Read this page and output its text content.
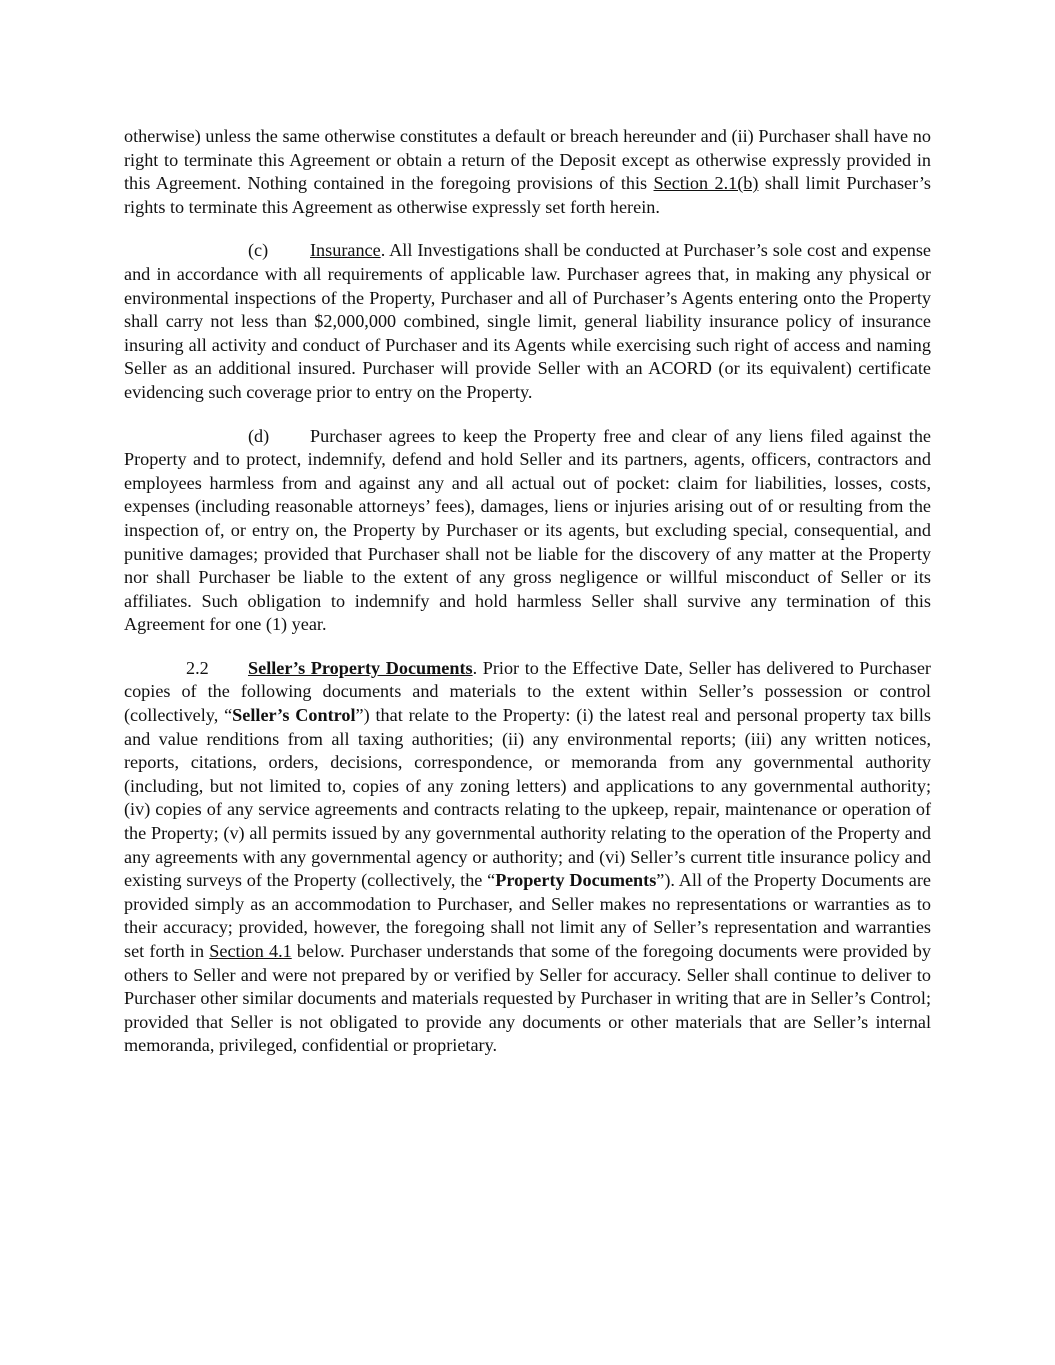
otherwise) unless the same otherwise constitutes a default or breach hereunder and (ii) Purchaser shall have no right to terminate this Agreement or obtain a return of the Deposit except as otherwise expressly provided in this Agreement. Nothing contained in the foregoing provisions of this Section 2.1(b) shall limit Purchaser’s rights to terminate this Agreement as otherwise expressly set forth herein.

(c) Insurance. All Investigations shall be conducted at Purchaser’s sole cost and expense and in accordance with all requirements of applicable law. Purchaser agrees that, in making any physical or environmental inspections of the Property, Purchaser and all of Purchaser’s Agents entering onto the Property shall carry not less than $2,000,000 combined, single limit, general liability insurance policy of insurance insuring all activity and conduct of Purchaser and its Agents while exercising such right of access and naming Seller as an additional insured. Purchaser will provide Seller with an ACORD (or its equivalent) certificate evidencing such coverage prior to entry on the Property.

(d) Purchaser agrees to keep the Property free and clear of any liens filed against the Property and to protect, indemnify, defend and hold Seller and its partners, agents, officers, contractors and employees harmless from and against any and all actual out of pocket: claim for liabilities, losses, costs, expenses (including reasonable attorneys’ fees), damages, liens or injuries arising out of or resulting from the inspection of, or entry on, the Property by Purchaser or its agents, but excluding special, consequential, and punitive damages; provided that Purchaser shall not be liable for the discovery of any matter at the Property nor shall Purchaser be liable to the extent of any gross negligence or willful misconduct of Seller or its affiliates. Such obligation to indemnify and hold harmless Seller shall survive any termination of this Agreement for one (1) year.

2.2 Seller’s Property Documents. Prior to the Effective Date, Seller has delivered to Purchaser copies of the following documents and materials to the extent within Seller’s possession or control (collectively, “Seller’s Control”) that relate to the Property: (i) the latest real and personal property tax bills and value renditions from all taxing authorities; (ii) any environmental reports; (iii) any written notices, reports, citations, orders, decisions, correspondence, or memoranda from any governmental authority (including, but not limited to, copies of any zoning letters) and applications to any governmental authority; (iv) copies of any service agreements and contracts relating to the upkeep, repair, maintenance or operation of the Property; (v) all permits issued by any governmental authority relating to the operation of the Property and any agreements with any governmental agency or authority; and (vi) Seller’s current title insurance policy and existing surveys of the Property (collectively, the “Property Documents”). All of the Property Documents are provided simply as an accommodation to Purchaser, and Seller makes no representations or warranties as to their accuracy; provided, however, the foregoing shall not limit any of Seller’s representation and warranties set forth in Section 4.1 below. Purchaser understands that some of the foregoing documents were provided by others to Seller and were not prepared by or verified by Seller for accuracy. Seller shall continue to deliver to Purchaser other similar documents and materials requested by Purchaser in writing that are in Seller’s Control; provided that Seller is not obligated to provide any documents or other materials that are Seller’s internal memoranda, privileged, confidential or proprietary.
